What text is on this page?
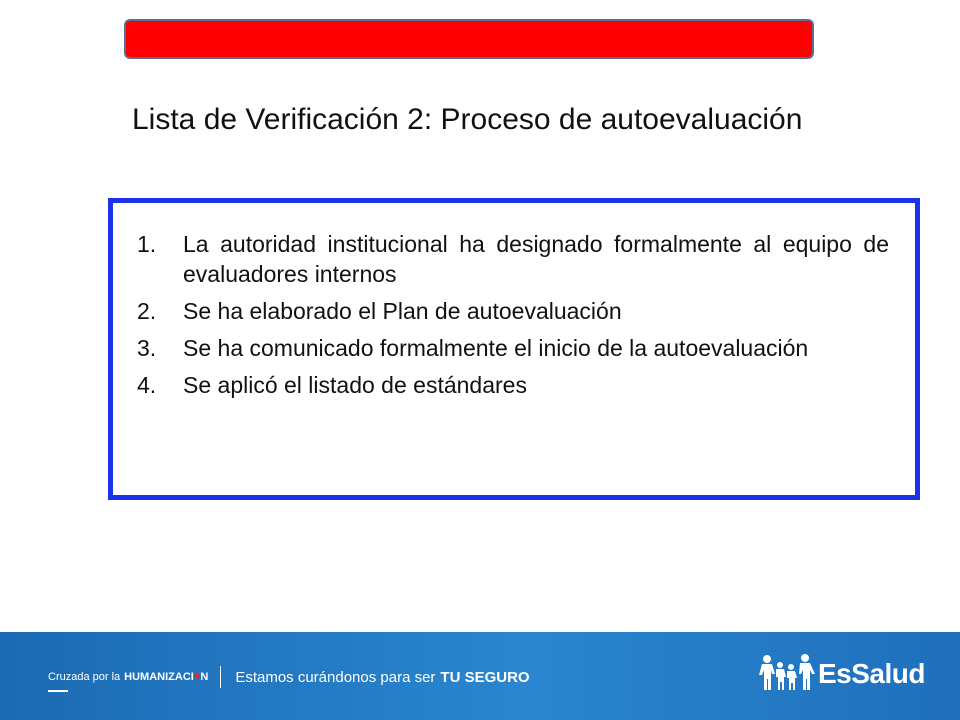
Lista de Verificación 2: Proceso de autoevaluación
1. La autoridad institucional ha designado formalmente al equipo de evaluadores internos
2. Se ha elaborado el Plan de autoevaluación
3. Se ha comunicado formalmente el inicio de la autoevaluación
4. Se aplicó el listado de estándares
Cruzada por la HUMANIZACI ♥ N Estamos curándonos para ser TU SEGURO	EsSalud
